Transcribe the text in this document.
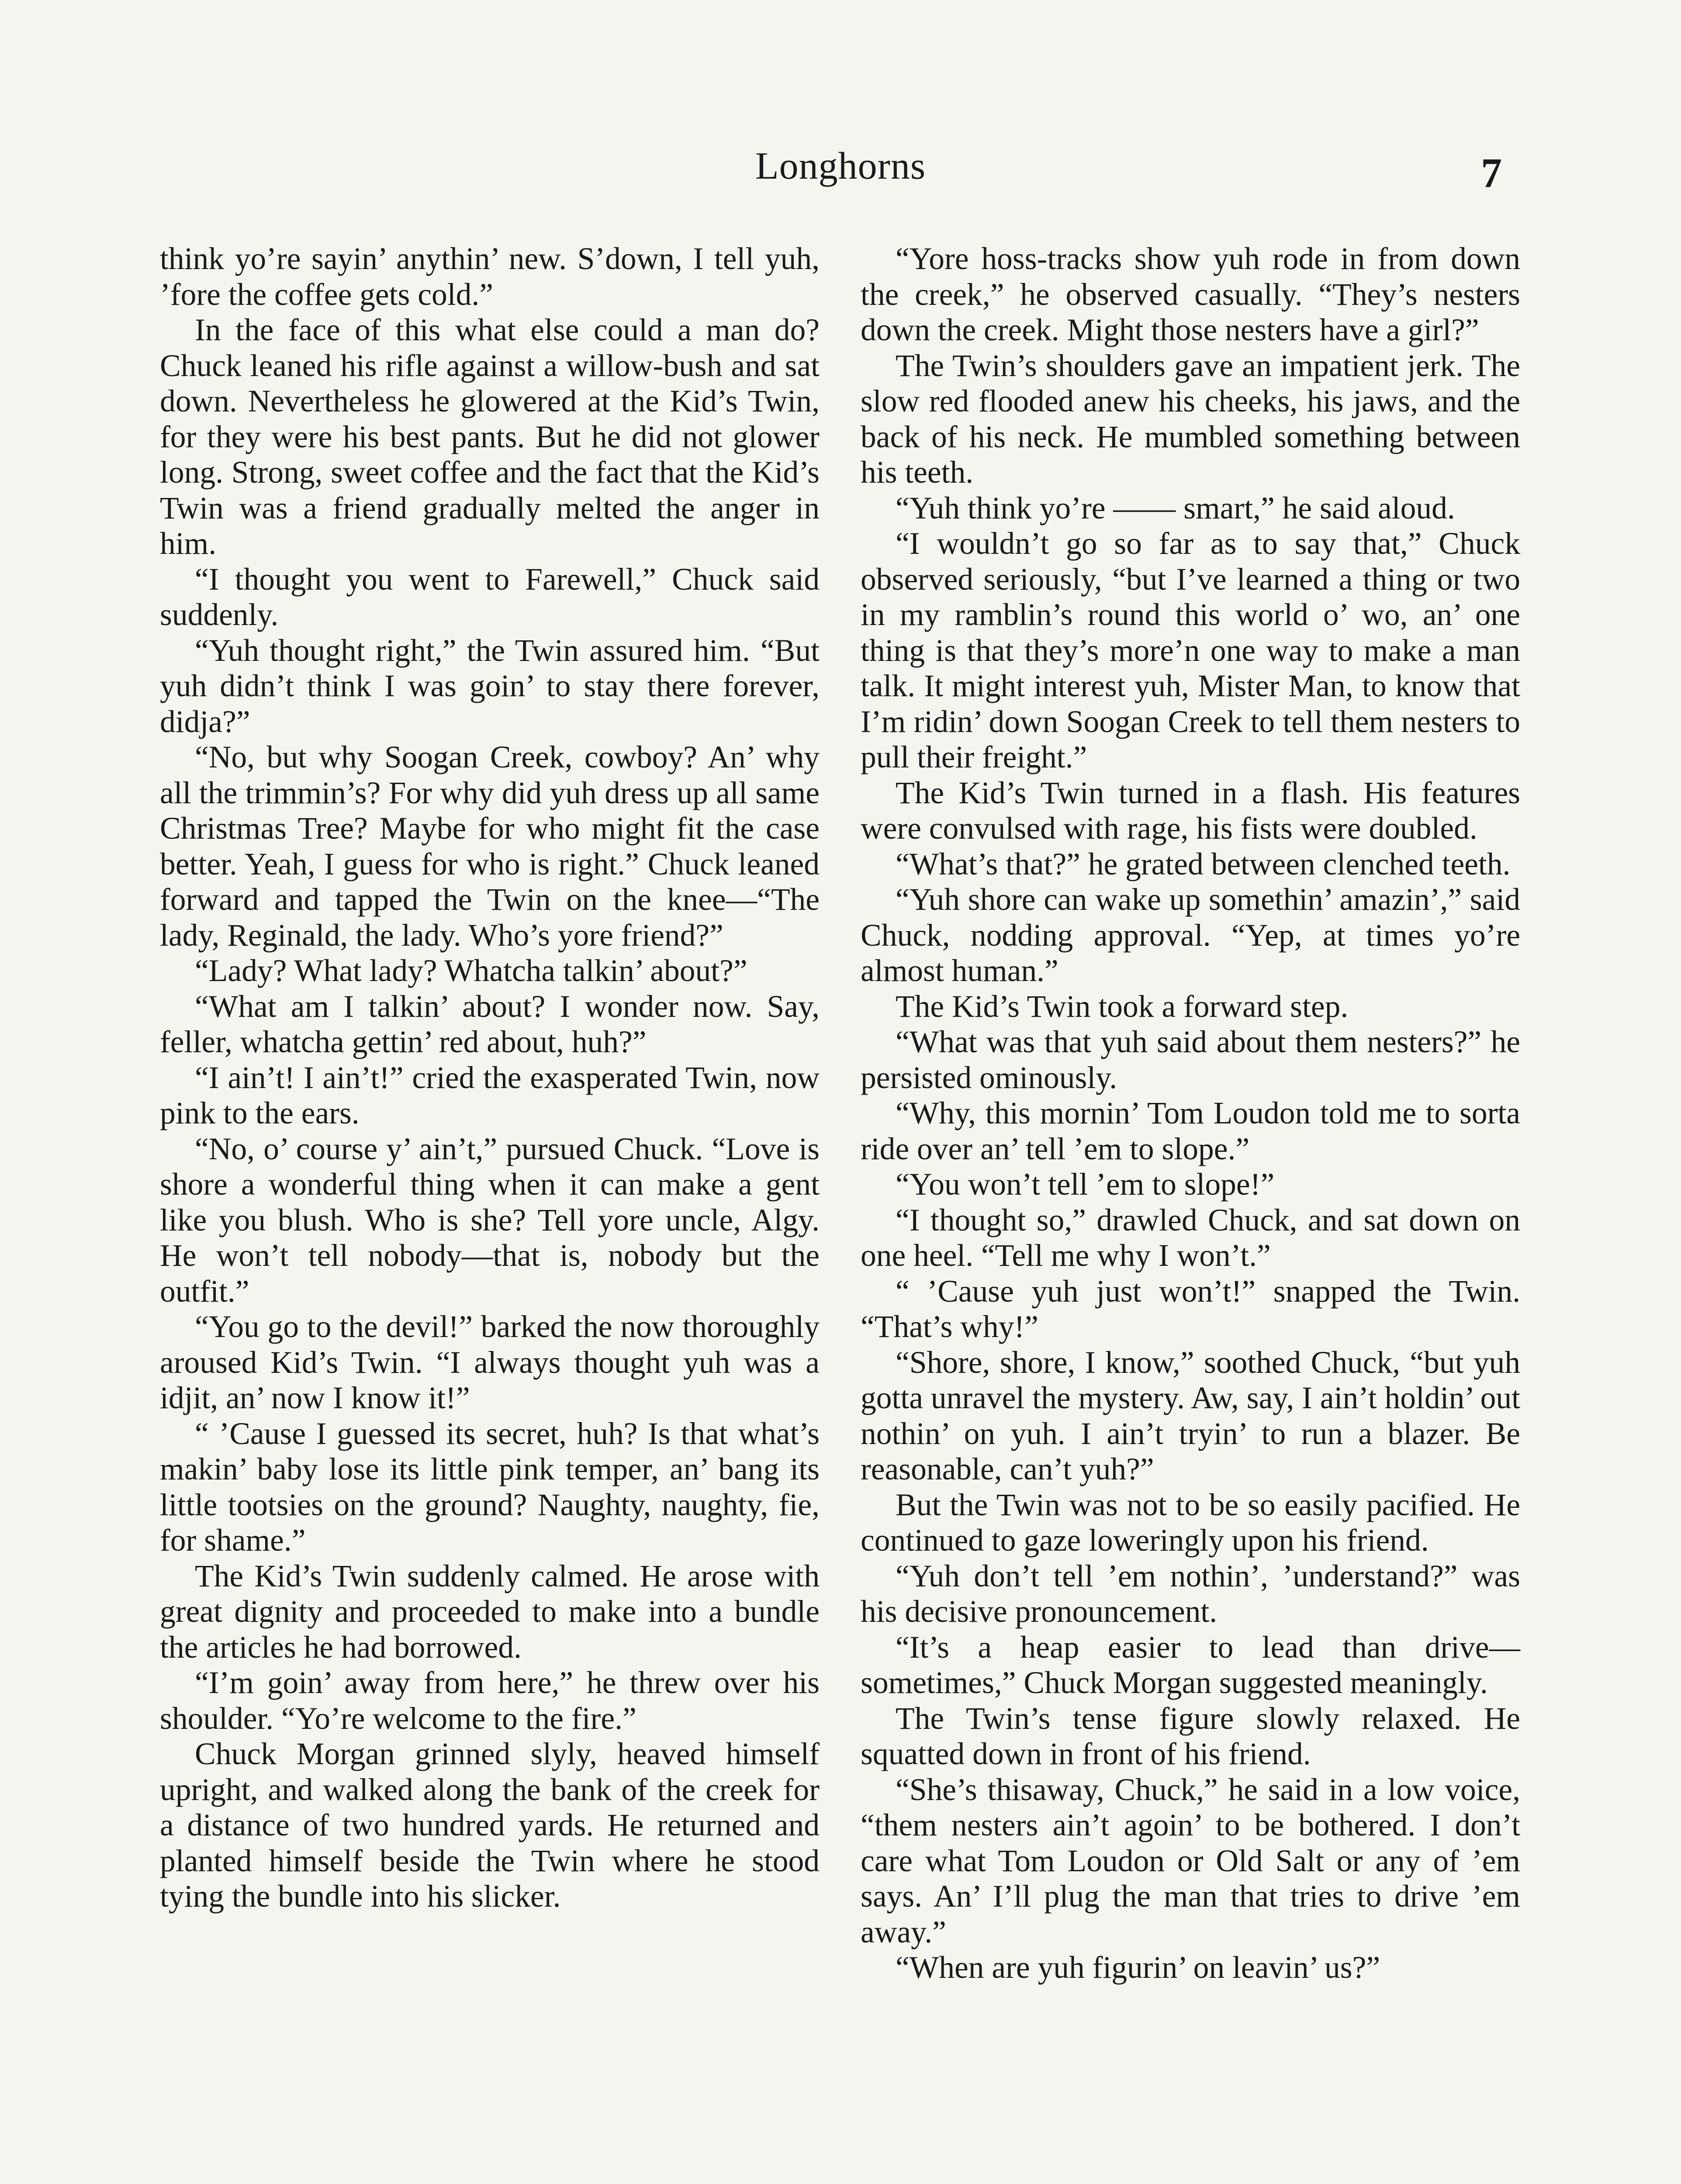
Longhorns	7

think yo’re sayin’ anythin’ new. S’down, I tell yuh, ’fore the coffee gets cold.”

In the face of this what else could a man do? Chuck leaned his rifle against a willow-bush and sat down. Nevertheless he glowered at the Kid’s Twin, for they were his best pants. But he did not glower long. Strong, sweet coffee and the fact that the Kid’s Twin was a friend gradually melted the anger in him.

“I thought you went to Farewell,” Chuck said suddenly.

“Yuh thought right,” the Twin assured him. “But yuh didn’t think I was goin’ to stay there forever, didja?”

“No, but why Soogan Creek, cowboy? An’ why all the trimmin’s? For why did yuh dress up all same Christmas Tree? Maybe for who might fit the case better. Yeah, I guess for who is right.” Chuck leaned forward and tapped the Twin on the knee—“The lady, Reginald, the lady. Who’s yore friend?”

“Lady? What lady? Whatcha talkin’ about?”

“What am I talkin’ about? I wonder now. Say, feller, whatcha gettin’ red about, huh?”

“I ain’t! I ain’t!” cried the exasperated Twin, now pink to the ears.

“No, o’ course y’ ain’t,” pursued Chuck. “Love is shore a wonderful thing when it can make a gent like you blush. Who is she? Tell yore uncle, Algy. He won’t tell nobody—that is, nobody but the outfit.”

“You go to the devil!” barked the now thoroughly aroused Kid’s Twin. “I always thought yuh was a idjit, an’ now I know it!”

“ ’Cause I guessed its secret, huh? Is that what’s makin’ baby lose its little pink temper, an’ bang its little tootsies on the ground? Naughty, naughty, fie, for shame.”

The Kid’s Twin suddenly calmed. He arose with great dignity and proceeded to make into a bundle the articles he had borrowed.

“I’m goin’ away from here,” he threw over his shoulder. “Yo’re welcome to the fire.”

Chuck Morgan grinned slyly, heaved himself upright, and walked along the bank of the creek for a distance of two hundred yards. He returned and planted himself beside the Twin where he stood tying the bundle into his slicker.

“Yore hoss-tracks show yuh rode in from down the creek,” he observed casually. “They’s nesters down the creek. Might those nesters have a girl?”

The Twin’s shoulders gave an impatient jerk. The slow red flooded anew his cheeks, his jaws, and the back of his neck. He mumbled something between his teeth.

“Yuh think yo’re —— smart,” he said aloud.

“I wouldn’t go so far as to say that,” Chuck observed seriously, “but I’ve learned a thing or two in my ramblin’s round this world o’ wo, an’ one thing is that they’s more’n one way to make a man talk. It might interest yuh, Mister Man, to know that I’m ridin’ down Soogan Creek to tell them nesters to pull their freight.”

The Kid’s Twin turned in a flash. His features were convulsed with rage, his fists were doubled.

“What’s that?” he grated between clenched teeth.

“Yuh shore can wake up somethin’ amazin’,” said Chuck, nodding approval. “Yep, at times yo’re almost human.”

The Kid’s Twin took a forward step.

“What was that yuh said about them nesters?” he persisted ominously.

“Why, this mornin’ Tom Loudon told me to sorta ride over an’ tell ’em to slope.”

“You won’t tell ’em to slope!”

“I thought so,” drawled Chuck, and sat down on one heel. “Tell me why I won’t.”

“ ’Cause yuh just won’t!” snapped the Twin. “That’s why!”

“Shore, shore, I know,” soothed Chuck, “but yuh gotta unravel the mystery. Aw, say, I ain’t holdin’ out nothin’ on yuh. I ain’t tryin’ to run a blazer. Be reasonable, can’t yuh?”

But the Twin was not to be so easily pacified. He continued to gaze loweringly upon his friend.

“Yuh don’t tell ’em nothin’, ’understand?” was his decisive pronouncement.

“It’s a heap easier to lead than drive—sometimes,” Chuck Morgan suggested meaningly.

The Twin’s tense figure slowly relaxed. He squatted down in front of his friend.

“She’s thisaway, Chuck,” he said in a low voice, “them nesters ain’t agoin’ to be bothered. I don’t care what Tom Loudon or Old Salt or any of ’em says. An’ I’ll plug the man that tries to drive ’em away.”

“When are yuh figurin’ on leavin’ us?”
